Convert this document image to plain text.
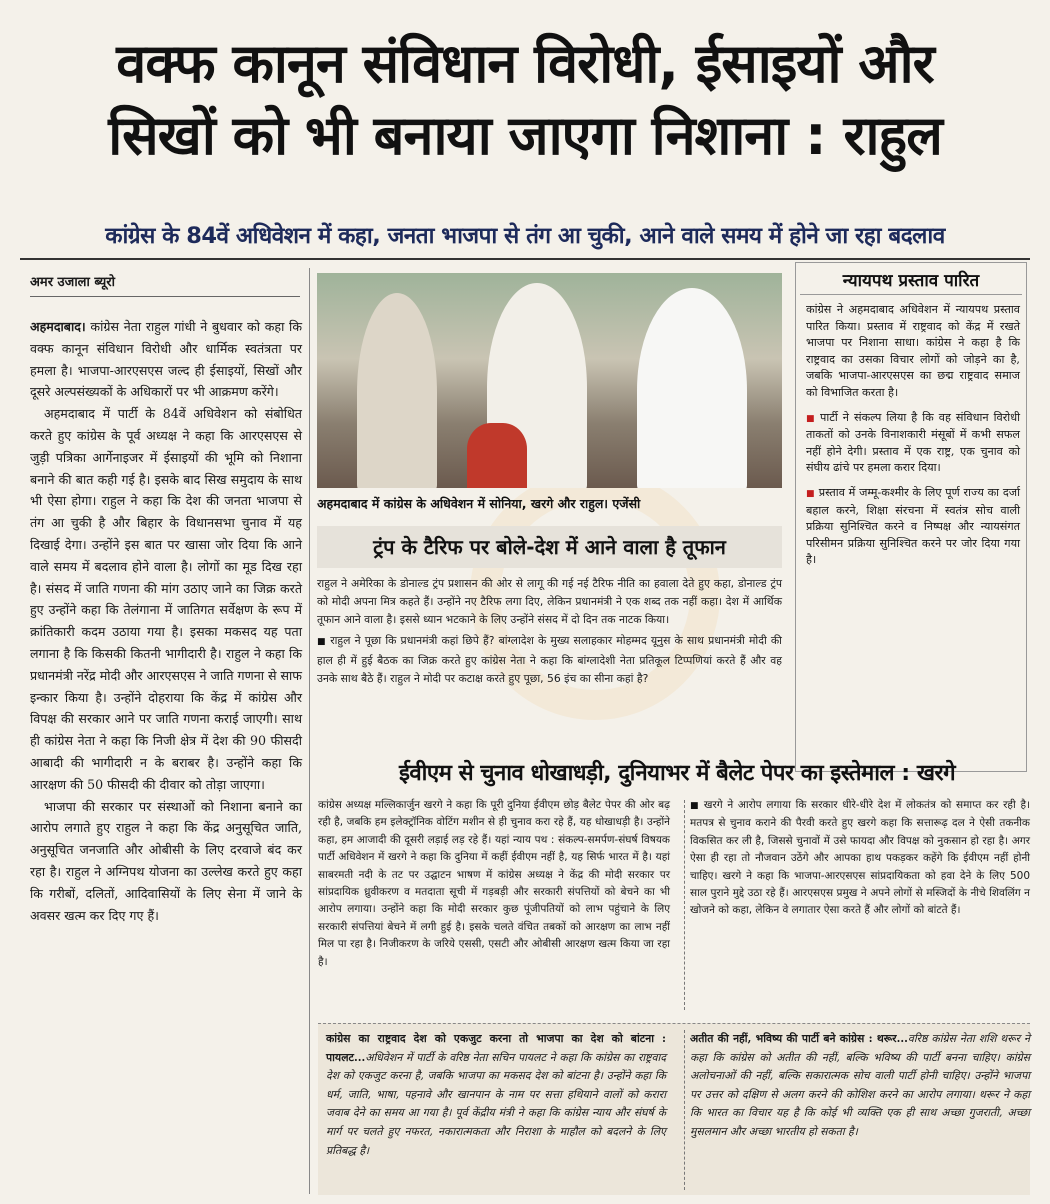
वक्फ कानून संविधान विरोधी, ईसाइयों और
सिखों को भी बनाया जाएगा निशाना : राहुल
कांग्रेस के 84वें अधिवेशन में कहा, जनता भाजपा से तंग आ चुकी, आने वाले समय में होने जा रहा बदलाव
अमर उजाला ब्यूरो

अहमदाबाद। कांग्रेस नेता राहुल गांधी ने बुधवार को कहा कि वक्फ कानून संविधान विरोधी और धार्मिक स्वतंत्रता पर हमला है। भाजपा-आरएसएस जल्द ही ईसाइयों, सिखों और दूसरे अल्पसंख्यकों के अधिकारों पर भी आक्रमण करेंगे।

अहमदाबाद में पार्टी के 84वें अधिवेशन को संबोधित करते हुए कांग्रेस के पूर्व अध्यक्ष ने कहा कि आरएसएस से जुड़ी पत्रिका आर्गेनाइजर में ईसाइयों की भूमि को निशाना बनाने की बात कही गई है। इसके बाद सिख समुदाय के साथ भी ऐसा होगा। राहुल ने कहा कि देश की जनता भाजपा से तंग आ चुकी है और बिहार के विधानसभा चुनाव में यह दिखाई देगा। उन्होंने इस बात पर खासा जोर दिया कि आने वाले समय में बदलाव होने वाला है। लोगों का मूड दिख रहा है। संसद में जाति गणना की मांग उठाए जाने का जिक्र करते हुए उन्होंने कहा कि तेलंगाना में जातिगत सर्वेक्षण के रूप में क्रांतिकारी कदम उठाया गया है। इसका मकसद यह पता लगाना है कि किसकी कितनी भागीदारी है। राहुल ने कहा कि प्रधानमंत्री नरेंद्र मोदी और आरएसएस ने जाति गणना से साफ इन्कार किया है। उन्होंने दोहराया कि केंद्र में कांग्रेस और विपक्ष की सरकार आने पर जाति गणना कराई जाएगी। साथ ही कांग्रेस नेता ने कहा कि निजी क्षेत्र में देश की 90 फीसदी आबादी की भागीदारी न के बराबर है। उन्होंने कहा कि आरक्षण की 50 फीसदी की दीवार को तोड़ा जाएगा।

भाजपा की सरकार पर संस्थाओं को निशाना बनाने का आरोप लगाते हुए राहुल ने कहा कि केंद्र अनुसूचित जाति, अनुसूचित जनजाति और ओबीसी के लिए दरवाजे बंद कर रहा है। राहुल ने अग्निपथ योजना का उल्लेख करते हुए कहा कि गरीबों, दलितों, आदिवासियों के लिए सेना में जाने के अवसर खत्म कर दिए गए हैं।

अहमदाबाद में कांग्रेस के अधिवेशन में सोनिया, खरगे और राहुल। एजेंसी
ट्रंप के टैरिफ पर बोले-देश में आने वाला है तूफान

राहुल ने अमेरिका के डोनाल्ड ट्रंप प्रशासन की ओर से लागू की गई नई टैरिफ नीति का हवाला देते हुए कहा, डोनाल्ड ट्रंप को मोदी अपना मित्र कहते हैं। उन्होंने नए टैरिफ लगा दिए, लेकिन प्रधानमंत्री ने एक शब्द तक नहीं कहा। देश में आर्थिक तूफान आने वाला है। इससे ध्यान भटकाने के लिए उन्होंने संसद में दो दिन तक नाटक किया।

■ राहुल ने पूछा कि प्रधानमंत्री कहां छिपे हैं? बांग्लादेश के मुख्य सलाहकार मोहम्मद यूनुस के साथ प्रधानमंत्री मोदी की हाल ही में हुई बैठक का जिक्र करते हुए कांग्रेस नेता ने कहा कि बांग्लादेशी नेता प्रतिकूल टिप्पणियां करते हैं और वह उनके साथ बैठे हैं। राहुल ने मोदी पर कटाक्ष करते हुए पूछा, 56 इंच का सीना कहां है?

न्यायपथ प्रस्ताव पारित

कांग्रेस ने अहमदाबाद अधिवेशन में न्यायपथ प्रस्ताव पारित किया। प्रस्ताव में राष्ट्रवाद को केंद्र में रखते भाजपा पर निशाना साधा। कांग्रेस ने कहा है कि राष्ट्रवाद का उसका विचार लोगों को जोड़ने का है, जबकि भाजपा-आरएसएस का छद्म राष्ट्रवाद समाज को विभाजित करता है।

■ पार्टी ने संकल्प लिया है कि वह संविधान विरोधी ताकतों को उनके विनाशकारी मंसूबों में कभी सफल नहीं होने देगी। प्रस्ताव में एक राष्ट्र, एक चुनाव को संघीय ढांचे पर हमला करार दिया।

■ प्रस्ताव में जम्मू-कश्मीर के लिए पूर्ण राज्य का दर्जा बहाल करने, शिक्षा संरचना में स्वतंत्र सोच वाली प्रक्रिया सुनिश्चित करने व निष्पक्ष और न्यायसंगत परिसीमन प्रक्रिया सुनिश्चित करने पर जोर दिया गया है।

ईवीएम से चुनाव धोखाधड़ी, दुनियाभर में बैलेट पेपर का इस्तेमाल : खरगे
कांग्रेस अध्यक्ष मल्लिकार्जुन खरगे ने कहा कि पूरी दुनिया ईवीएम छोड़ बैलेट पेपर की ओर बढ़ रही है, जबकि हम इलेक्ट्रॉनिक वोटिंग मशीन से ही चुनाव करा रहे हैं, यह धोखाधड़ी है। उन्होंने कहा, हम आजादी की दूसरी लड़ाई लड़ रहे हैं। यहां न्याय पथ : संकल्प-समर्पण-संघर्ष विषयक पार्टी अधिवेशन में खरगे ने कहा कि दुनिया में कहीं ईवीएम नहीं है, यह सिर्फ भारत में है। यहां साबरमती नदी के तट पर उद्घाटन भाषण में कांग्रेस अध्यक्ष ने केंद्र की मोदी सरकार पर सांप्रदायिक ध्रुवीकरण व मतदाता सूची में गड़बड़ी और सरकारी संपत्तियों को बेचने का भी आरोप लगाया। उन्होंने कहा कि मोदी सरकार कुछ पूंजीपतियों को लाभ पहुंचाने के लिए सरकारी संपत्तियां बेचने में लगी हुई है। इसके चलते वंचित तबकों को आरक्षण का लाभ नहीं मिल पा रहा है। निजीकरण के जरिये एससी, एसटी और ओबीसी आरक्षण खत्म किया जा रहा है।
■ खरगे ने आरोप लगाया कि सरकार धीरे-धीरे देश में लोकतंत्र को समाप्त कर रही है। मतपत्र से चुनाव कराने की पैरवी करते हुए खरगे कहा कि सत्तारूढ़ दल ने ऐसी तकनीक विकसित कर ली है, जिससे चुनावों में उसे फायदा और विपक्ष को नुकसान हो रहा है। अगर ऐसा ही रहा तो नौजवान उठेंगे और आपका हाथ पकड़कर कहेंगे कि ईवीएम नहीं होनी चाहिए। खरगे ने कहा कि भाजपा-आरएसएस सांप्रदायिकता को हवा देने के लिए 500 साल पुराने मुद्दे उठा रहे हैं। आरएसएस प्रमुख ने अपने लोगों से मस्जिदों के नीचे शिवलिंग न खोजने को कहा, लेकिन वे लगातार ऐसा करते हैं और लोगों को बांटते हैं।
कांग्रेस का राष्ट्रवाद देश को एकजुट करना तो भाजपा का देश को बांटना : पायलट...अधिवेशन में पार्टी के वरिष्ठ नेता सचिन पायलट ने कहा कि कांग्रेस का राष्ट्रवाद देश को एकजुट करना है, जबकि भाजपा का मकसद देश को बांटना है। उन्होंने कहा कि धर्म, जाति, भाषा, पहनावे और खानपान के नाम पर सत्ता हथियाने वालों को करारा जवाब देने का समय आ गया है। पूर्व केंद्रीय मंत्री ने कहा कि कांग्रेस न्याय और संघर्ष के मार्ग पर चलते हुए नफरत, नकारात्मकता और निराशा के माहौल को बदलने के लिए प्रतिबद्ध है।
अतीत की नहीं, भविष्य की पार्टी बने कांग्रेस : थरूर...वरिष्ठ कांग्रेस नेता शशि थरूर ने कहा कि कांग्रेस को अतीत की नहीं, बल्कि भविष्य की पार्टी बनना चाहिए। कांग्रेस अलोचनाओं की नहीं, बल्कि सकारात्मक सोच वाली पार्टी होनी चाहिए। उन्होंने भाजपा पर उत्तर को दक्षिण से अलग करने की कोशिश करने का आरोप लगाया। थरूर ने कहा कि भारत का विचार यह है कि कोई भी व्यक्ति एक ही साथ अच्छा गुजराती, अच्छा मुसलमान और अच्छा भारतीय हो सकता है।
